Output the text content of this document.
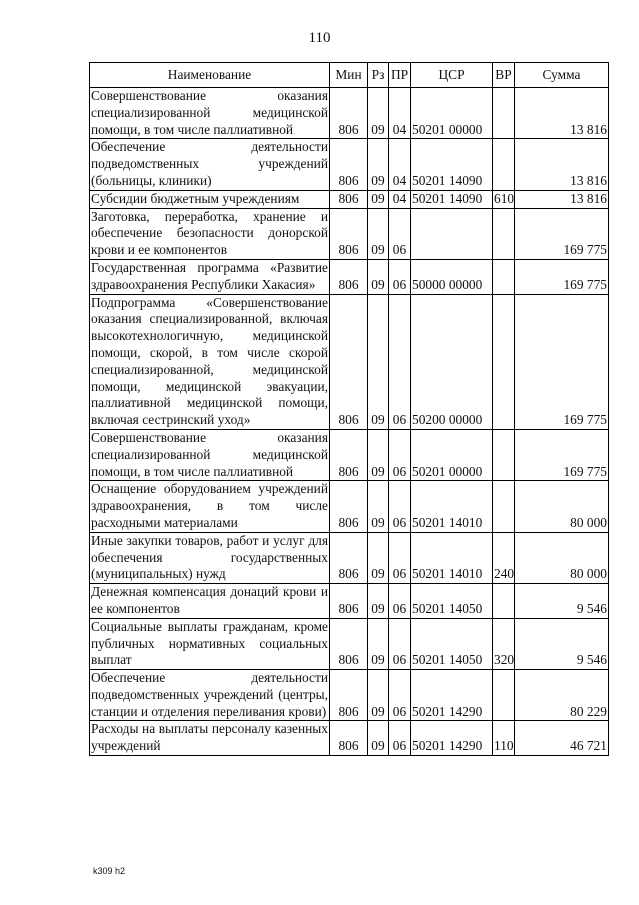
110
Наименование	Мин	Рз	ПР	ЦСР	ВР	Сумма
Совершенствование оказания специализированной медицинской помощи, в том числе паллиативной	806	09	04	50201 00000		13 816
Обеспечение деятельности подведомственных учреждений (больницы, клиники)	806	09	04	50201 14090		13 816
Субсидии бюджетным учреждениям	806	09	04	50201 14090	610	13 816
Заготовка, переработка, хранение и обеспечение безопасности донорской крови и ее компонентов	806	09	06			169 775
Государственная программа «Развитие здравоохранения Республики Хакасия»	806	09	06	50000 00000		169 775
Подпрограмма «Совершенствование оказания специализированной, включая высокотехнологичную, медицинской помощи, скорой, в том числе скорой специализированной, медицинской помощи, медицинской эвакуации, паллиативной медицинской помощи, включая сестринский уход»	806	09	06	50200 00000		169 775
Совершенствование оказания специализированной медицинской помощи, в том числе паллиативной	806	09	06	50201 00000		169 775
Оснащение оборудованием учреждений здравоохранения, в том числе расходными материалами	806	09	06	50201 14010		80 000
Иные закупки товаров, работ и услуг для обеспечения государственных (муниципальных) нужд	806	09	06	50201 14010	240	80 000
Денежная компенсация донаций крови и ее компонентов	806	09	06	50201 14050		9 546
Социальные выплаты гражданам, кроме публичных нормативных социальных выплат	806	09	06	50201 14050	320	9 546
Обеспечение деятельности подведомственных учреждений (центры, станции и отделения переливания крови)	806	09	06	50201 14290		80 229
Расходы на выплаты персоналу казенных учреждений	806	09	06	50201 14290	110	46 721
k309 h2
